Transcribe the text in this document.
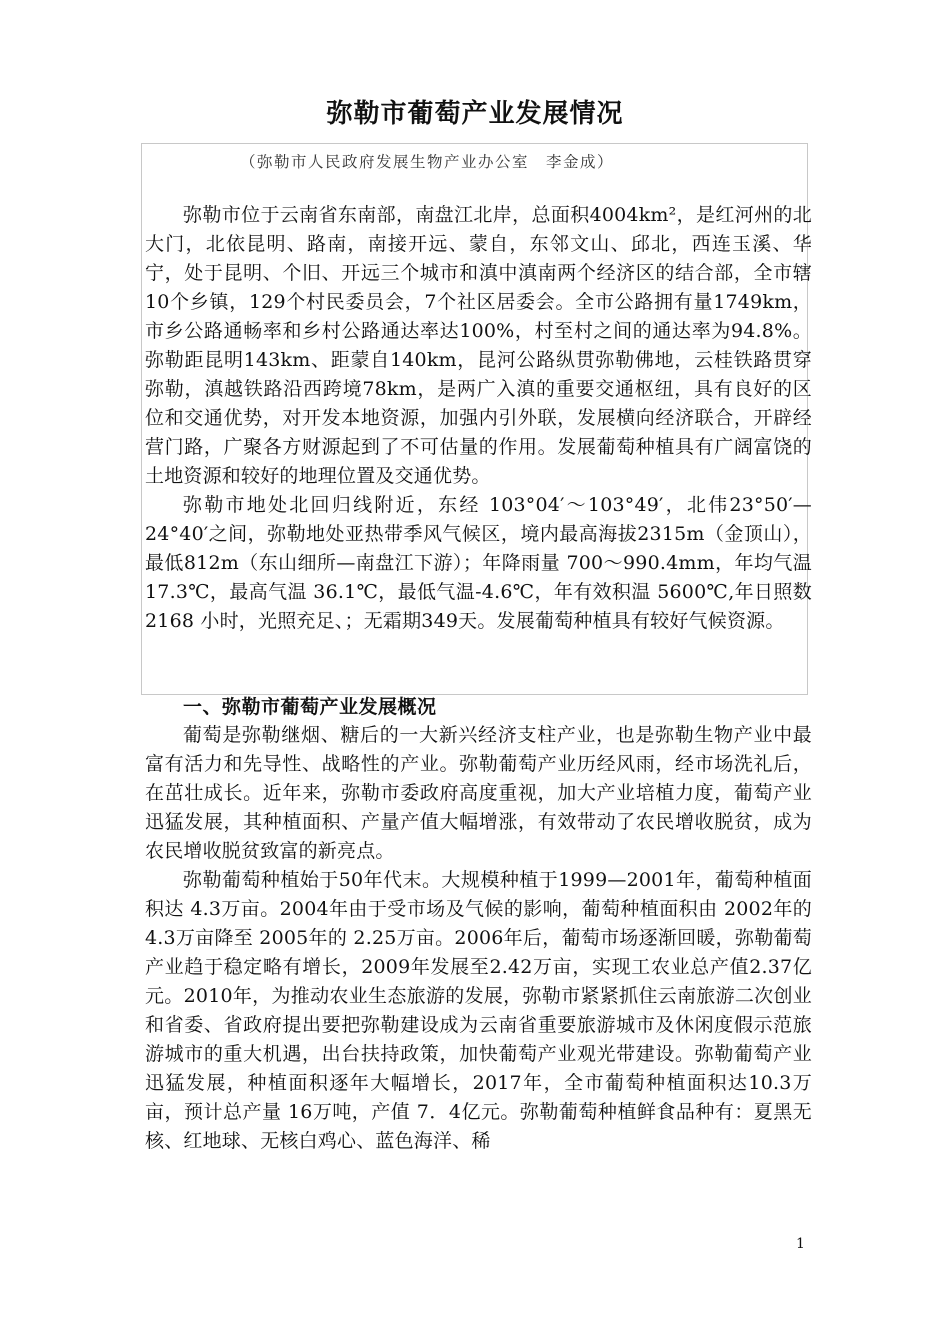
弥勒市葡萄产业发展情况
（弥勒市人民政府发展生物产业办公室　李金成）

弥勒市位于云南省东南部，南盘江北岸，总面积4004km²，是红河州的北大门，北依昆明、路南，南接开远、蒙自，东邻文山、邱北，西连玉溪、华宁，处于昆明、个旧、开远三个城市和滇中滇南两个经济区的结合部，全市辖10个乡镇，129个村民委员会，7个社区居委会。全市公路拥有量1749km，市乡公路通畅率和乡村公路通达率达100%，村至村之间的通达率为94.8%。弥勒距昆明143km、距蒙自140km，昆河公路纵贯弥勒佛地，云桂铁路贯穿弥勒，滇越铁路沿西跨境78km，是两广入滇的重要交通枢纽，具有良好的区位和交通优势，对开发本地资源，加强内引外联，发展横向经济联合，开辟经营门路，广聚各方财源起到了不可估量的作用。发展葡萄种植具有广阔富饶的土地资源和较好的地理位置及交通优势。

弥勒市地处北回归线附近，东经 103°04′～103°49′，北伟23°50′—24°40′之间，弥勒地处亚热带季风气候区，境内最高海拔2315m（金顶山），最低812m（东山细所—南盘江下游）；年降雨量 700～990.4mm，年均气温 17.3℃，最高气温 36.1℃，最低气温-4.6℃，年有效积温 5600℃,年日照数 2168 小时，光照充足、；无霜期349天。发展葡萄种植具有较好气候资源。

一、弥勒市葡萄产业发展概况

葡萄是弥勒继烟、糖后的一大新兴经济支柱产业，也是弥勒生物产业中最富有活力和先导性、战略性的产业。弥勒葡萄产业历经风雨，经市场洗礼后，在茁壮成长。近年来，弥勒市委政府高度重视，加大产业培植力度，葡萄产业迅猛发展，其种植面积、产量产值大幅增涨，有效带动了农民增收脱贫，成为农民增收脱贫致富的新亮点。

弥勒葡萄种植始于50年代末。大规模种植于1999—2001年，葡萄种植面积达 4.3万亩。2004年由于受市场及气候的影响，葡萄种植面积由 2002年的 4.3万亩降至 2005年的 2.25万亩。2006年后，葡萄市场逐渐回暖，弥勒葡萄产业趋于稳定略有增长，2009年发展至2.42万亩，实现工农业总产值2.37亿元。2010年，为推动农业生态旅游的发展，弥勒市紧紧抓住云南旅游二次创业和省委、省政府提出要把弥勒建设成为云南省重要旅游城市及休闲度假示范旅游城市的重大机遇，出台扶持政策，加快葡萄产业观光带建设。弥勒葡萄产业迅猛发展，种植面积逐年大幅增长，2017年，全市葡萄种植面积达10.3万亩，预计总产量 16万吨，产值 7．4亿元。弥勒葡萄种植鲜食品种有：夏黑无核、红地球、无核白鸡心、蓝色海洋、稀

1
